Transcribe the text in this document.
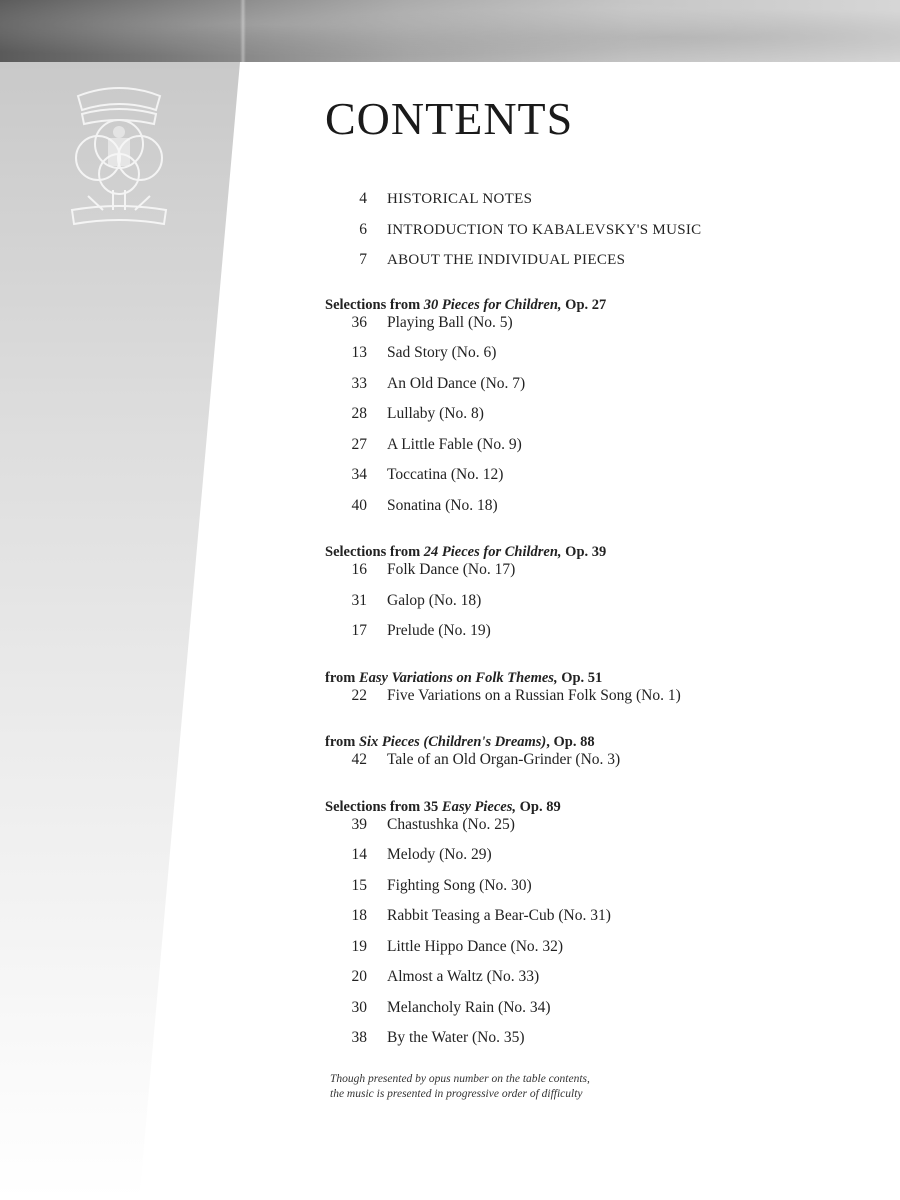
CONTENTS
4	HISTORICAL NOTES
6	INTRODUCTION TO KABALEVSKY'S MUSIC
7	ABOUT THE INDIVIDUAL PIECES
Selections from 30 Pieces for Children, Op. 27
36	Playing Ball (No. 5)
13	Sad Story (No. 6)
33	An Old Dance (No. 7)
28	Lullaby (No. 8)
27	A Little Fable (No. 9)
34	Toccatina (No. 12)
40	Sonatina (No. 18)
Selections from 24 Pieces for Children, Op. 39
16	Folk Dance (No. 17)
31	Galop (No. 18)
17	Prelude (No. 19)
from Easy Variations on Folk Themes, Op. 51
22	Five Variations on a Russian Folk Song (No. 1)
from Six Pieces (Children's Dreams) , Op. 88
42	Tale of an Old Organ-Grinder (No. 3)
Selections from 35 Easy Pieces, Op. 89
39	Chastushka (No. 25)
14	Melody (No. 29)
15	Fighting Song (No. 30)
18	Rabbit Teasing a Bear-Cub (No. 31)
19	Little Hippo Dance (No. 32)
20	Almost a Waltz (No. 33)
30	Melancholy Rain (No. 34)
38	By the Water (No. 35)
Though presented by opus number on the table contents,
the music is presented in progressive order of difficulty
